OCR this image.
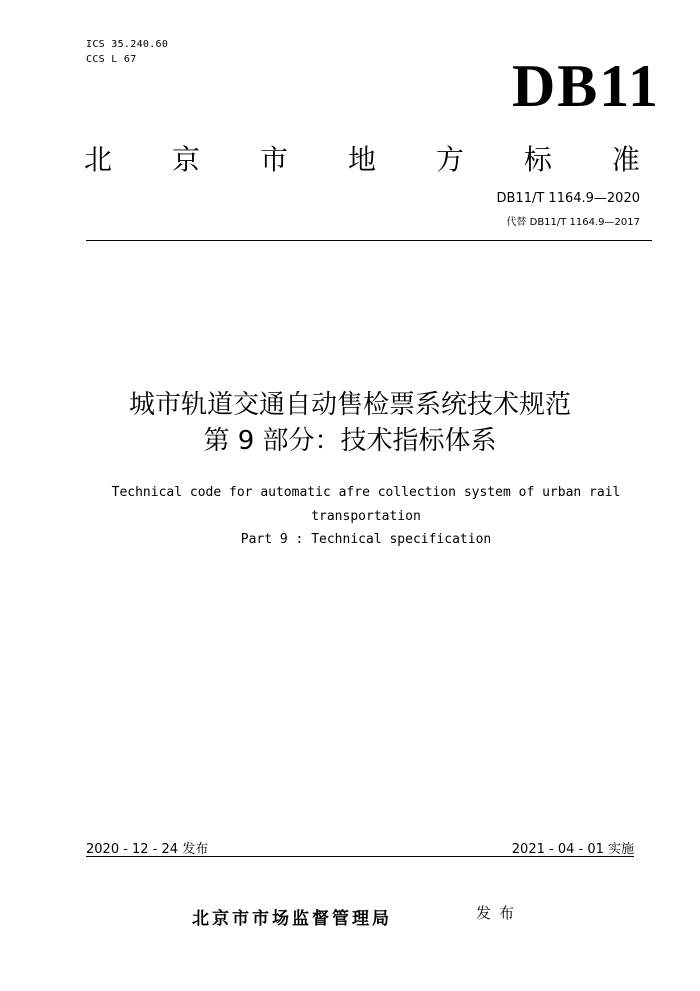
ICS 35.240.60
CCS L 67	DB11
北 京 市 地 方 标 准
DB11/T 1164.9—2020
代替 DB11/T 1164.9—2017
城市轨道交通自动售检票系统技术规范
第 9 部分：技术指标体系
Technical code for automatic afre collection system of urban rail
transportation
Part 9 : Technical specification
2020 - 12 - 24 发布	2021 - 04 - 01 实施
北京市市场监督管理局	发布
